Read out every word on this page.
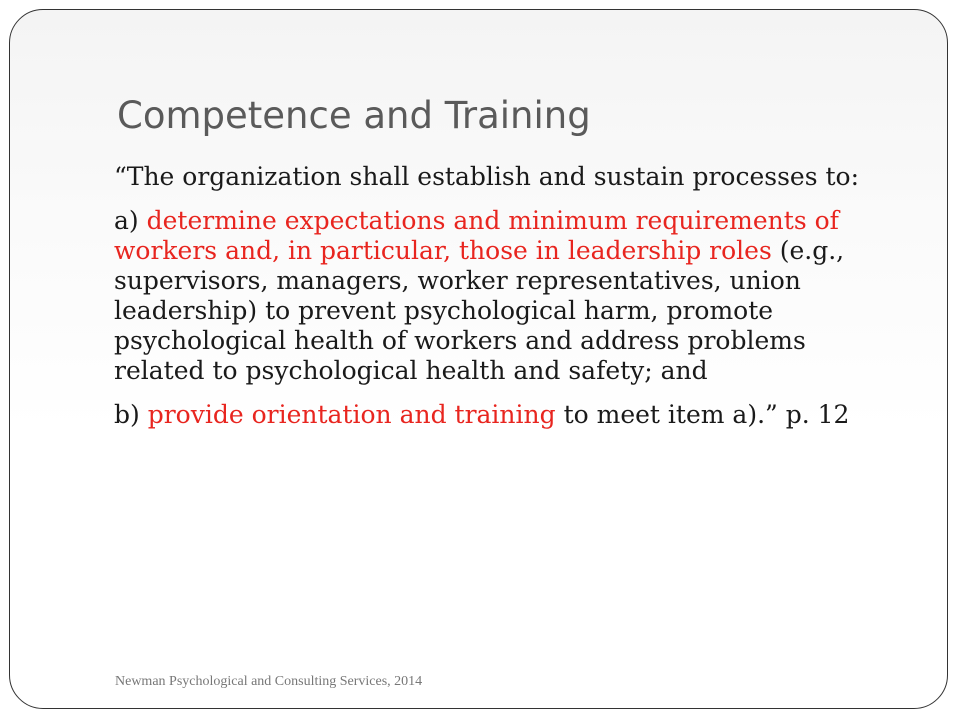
Competence and Training

“The organization shall establish and sustain processes to:

a) determine expectations and minimum requirements of
workers and, in particular, those in leadership roles (e.g.,
supervisors, managers, worker representatives, union
leadership) to prevent psychological harm, promote
psychological health of workers and address problems
related to psychological health and safety; and

b) provide orientation and training to meet item a).” p. 12

Newman Psychological and Consulting Services, 2014
